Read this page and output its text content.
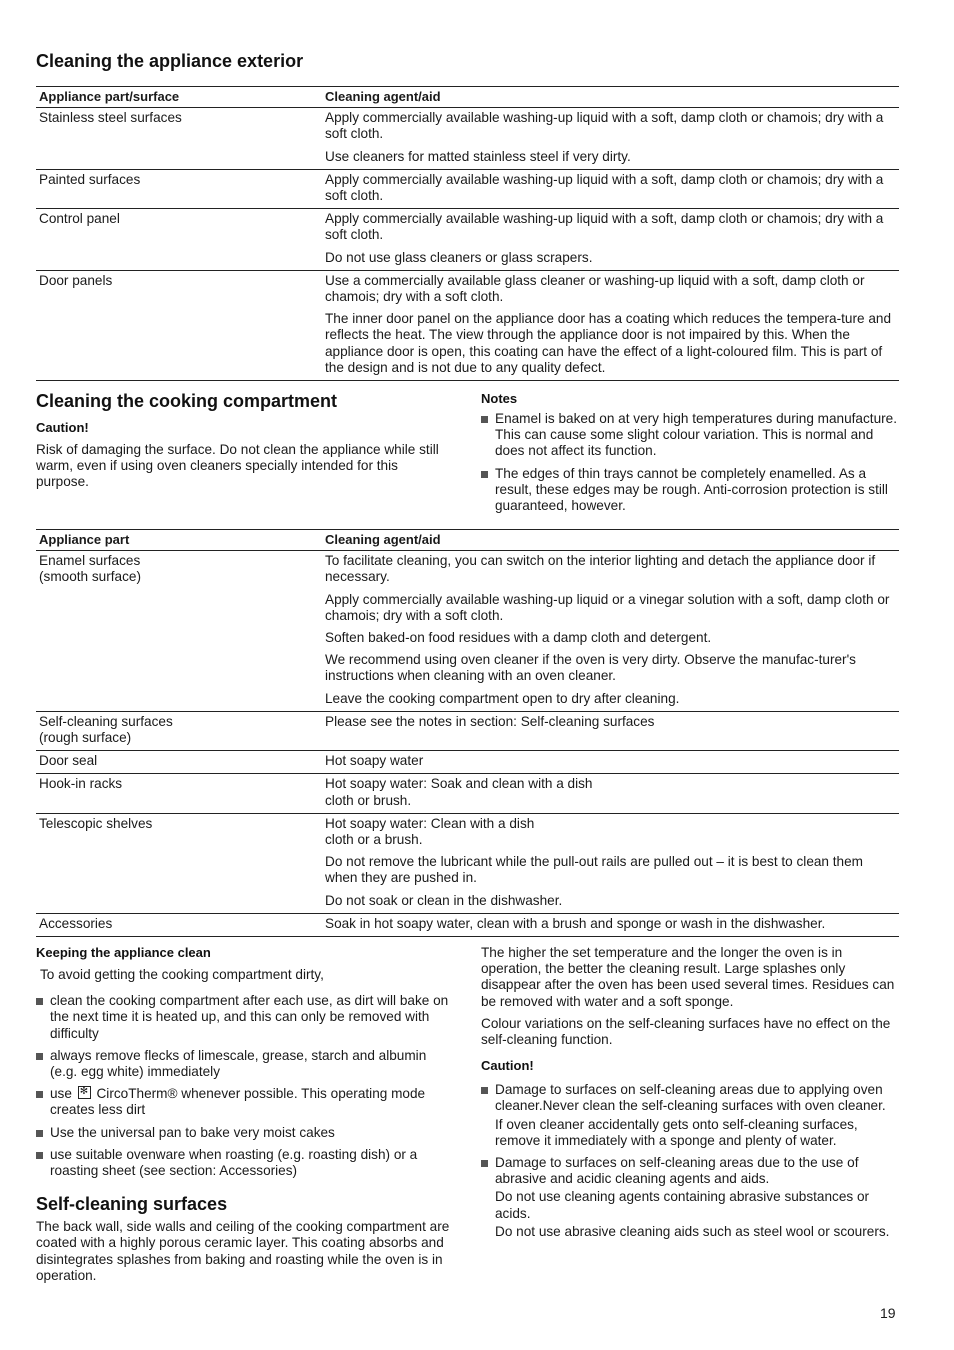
Cleaning the appliance exterior
Appliance part/surface	Cleaning agent/aid
Stainless steel surfaces	Apply commercially available washing-up liquid with a soft, damp cloth or chamois; dry with a soft cloth.
Use cleaners for matted stainless steel if very dirty.

Painted surfaces	Apply commercially available washing-up liquid with a soft, damp cloth or chamois; dry with a soft cloth.

Control panel	Apply commercially available washing-up liquid with a soft, damp cloth or chamois; dry with a soft cloth.
Do not use glass cleaners or glass scrapers.

Door panels	Use a commercially available glass cleaner or washing-up liquid with a soft, damp cloth or chamois; dry with a soft cloth.
The inner door panel on the appliance door has a coating which reduces the tempera-ture and reflects the heat. The view through the appliance door is not impaired by this. When the appliance door is open, this coating can have the effect of a light-coloured film. This is part of the design and is not due to any quality defect.
Cleaning the cooking compartment
Caution!

Risk of damaging the surface. Do not clean the appliance while still warm, even if using oven cleaners specially intended for this purpose.

Notes
Enamel is baked on at very high temperatures during manufacture. This can cause some slight colour variation. This is normal and does not affect its function.
The edges of thin trays cannot be completely enamelled. As a result, these edges may be rough. Anti-corrosion protection is still guaranteed, however.
Appliance part	Cleaning agent/aid
Enamel surfaces (smooth surface)	To facilitate cleaning, you can switch on the interior lighting and detach the appliance door if necessary.
Apply commercially available washing-up liquid or a vinegar solution with a soft, damp cloth or chamois; dry with a soft cloth.
Soften baked-on food residues with a damp cloth and detergent.
We recommend using oven cleaner if the oven is very dirty. Observe the manufac-turer's instructions when cleaning with an oven cleaner.
Leave the cooking compartment open to dry after cleaning.

Self-cleaning surfaces (rough surface)	Please see the notes in section: Self-cleaning surfaces

Door seal	Hot soapy water

Hook-in racks	Hot soapy water: Soak and clean with a dish cloth or brush.

Telescopic shelves	Hot soapy water: Clean with a dish cloth or a brush.
Do not remove the lubricant while the pull-out rails are pulled out – it is best to clean them when they are pushed in.
Do not soak or clean in the dishwasher.

Accessories	Soak in hot soapy water, clean with a brush and sponge or wash in the dishwasher.
Keeping the appliance clean

To avoid getting the cooking compartment dirty,

clean the cooking compartment after each use, as dirt will bake on the next time it is heated up, and this can only be removed with difficulty
always remove flecks of limescale, grease, starch and albumin (e.g. egg white) immediately
use ✻ CircoTherm® whenever possible. This operating mode creates less dirt
Use the universal pan to bake very moist cakes
use suitable ovenware when roasting (e.g. roasting dish) or a roasting sheet (see section: Accessories)
Self-cleaning surfaces

The back wall, side walls and ceiling of the cooking compartment are coated with a highly porous ceramic layer. This coating absorbs and disintegrates splashes from baking and roasting while the oven is in operation.

The higher the set temperature and the longer the oven is in operation, the better the cleaning result. Large splashes only disappear after the oven has been used several times. Residues can be removed with water and a soft sponge.

Colour variations on the self-cleaning surfaces have no effect on the self-cleaning function.

Caution!
Damage to surfaces on self-cleaning areas due to applying oven cleaner.Never clean the self-cleaning surfaces with oven cleaner.
If oven cleaner accidentally gets onto self-cleaning surfaces, remove it immediately with a sponge and plenty of water.
Damage to surfaces on self-cleaning areas due to the use of abrasive and acidic cleaning agents and aids.
Do not use cleaning agents containing abrasive substances or acids.
Do not use abrasive cleaning aids such as steel wool or scourers.
19
